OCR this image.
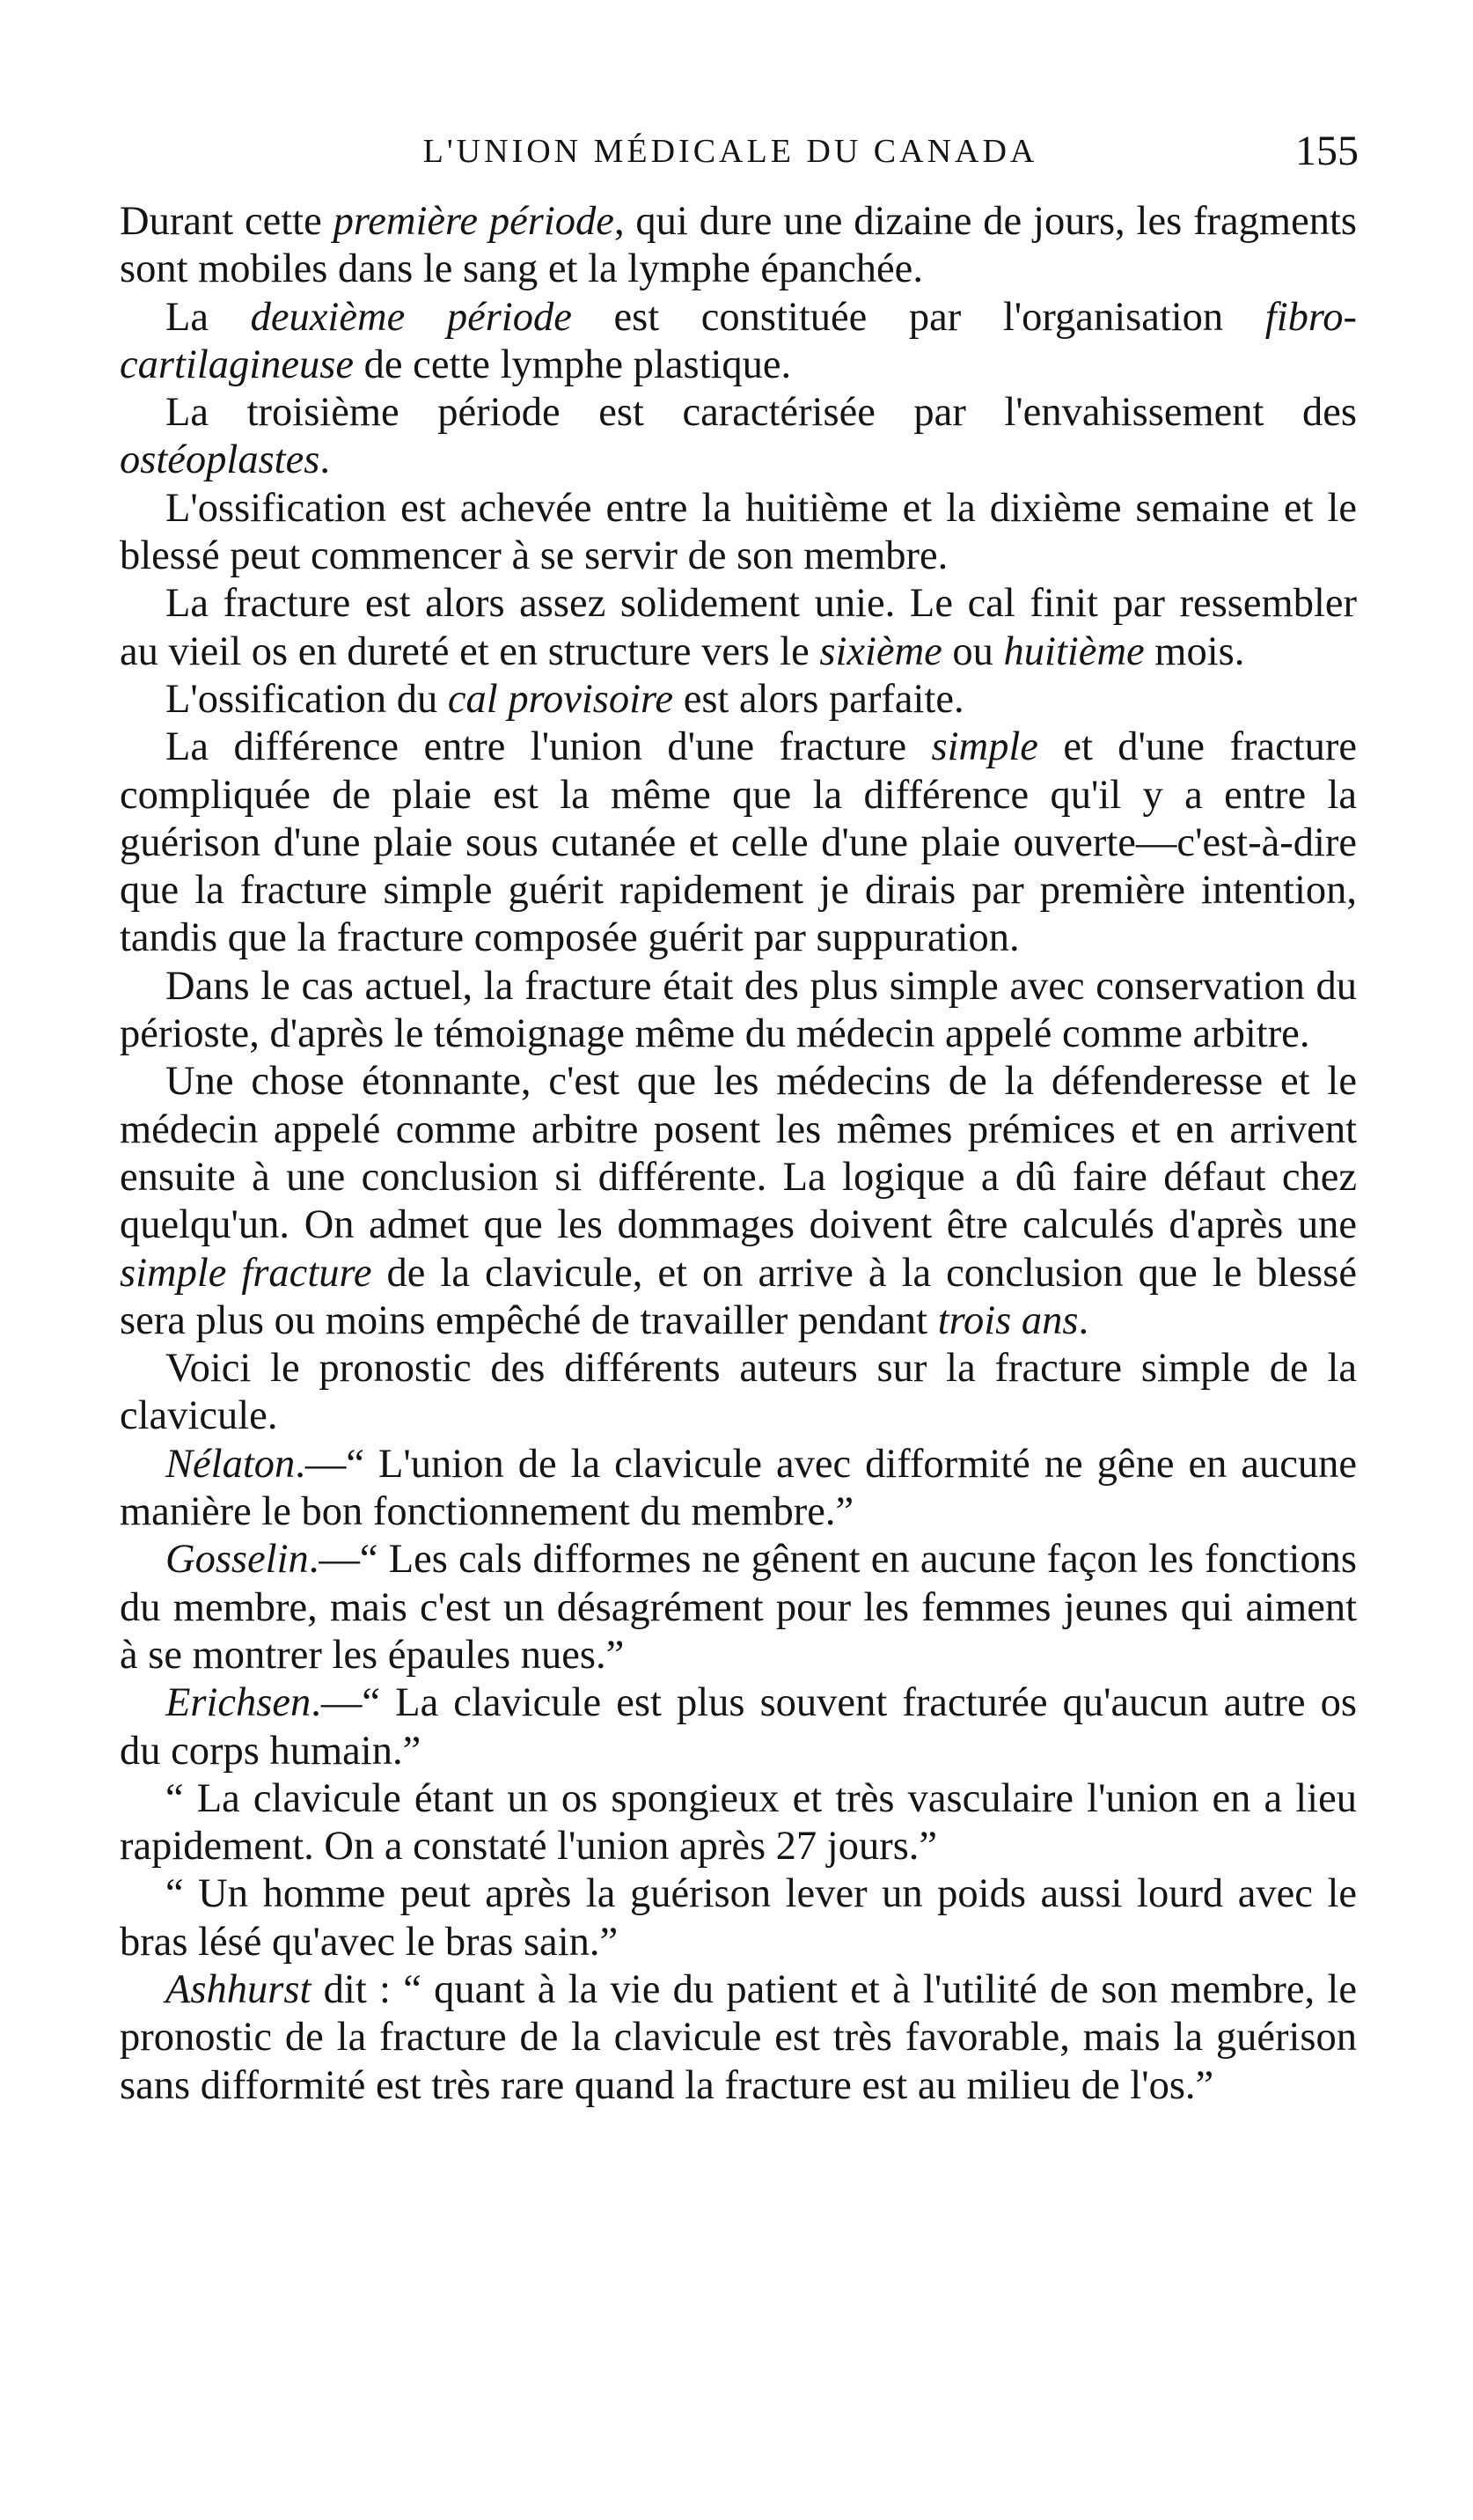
L'UNION MÉDICALE DU CANADA	155

Durant cette première période, qui dure une dizaine de jours, les fragments sont mobiles dans le sang et la lymphe épanchée.

La deuxième période est constituée par l'organisation fibro-cartilagineuse de cette lymphe plastique.

La troisième période est caractérisée par l'envahissement des ostéoplastes.

L'ossification est achevée entre la huitième et la dixième semaine et le blessé peut commencer à se servir de son membre.

La fracture est alors assez solidement unie. Le cal finit par ressembler au vieil os en dureté et en structure vers le sixième ou huitième mois.

L'ossification du cal provisoire est alors parfaite.

La différence entre l'union d'une fracture simple et d'une fracture compliquée de plaie est la même que la différence qu'il y a entre la guérison d'une plaie sous cutanée et celle d'une plaie ouverte—c'est-à-dire que la fracture simple guérit rapidement je dirais par première intention, tandis que la fracture composée guérit par suppuration.

Dans le cas actuel, la fracture était des plus simple avec conservation du périoste, d'après le témoignage même du médecin appelé comme arbitre.

Une chose étonnante, c'est que les médecins de la défenderesse et le médecin appelé comme arbitre posent les mêmes prémices et en arrivent ensuite à une conclusion si différente. La logique a dû faire défaut chez quelqu'un. On admet que les dommages doivent être calculés d'après une simple fracture de la clavicule, et on arrive à la conclusion que le blessé sera plus ou moins empêché de travailler pendant trois ans.

Voici le pronostic des différents auteurs sur la fracture simple de la clavicule.

Nélaton.—“ L'union de la clavicule avec difformité ne gêne en aucune manière le bon fonctionnement du membre.”

Gosselin.—“ Les cals difformes ne gênent en aucune façon les fonctions du membre, mais c'est un désagrément pour les femmes jeunes qui aiment à se montrer les épaules nues.”

Erichsen.—“ La clavicule est plus souvent fracturée qu'aucun autre os du corps humain.”

“ La clavicule étant un os spongieux et très vasculaire l'union en a lieu rapidement. On a constaté l'union après 27 jours.”

“ Un homme peut après la guérison lever un poids aussi lourd avec le bras lésé qu'avec le bras sain.”

Ashhurst dit : “ quant à la vie du patient et à l'utilité de son membre, le pronostic de la fracture de la clavicule est très favorable, mais la guérison sans difformité est très rare quand la fracture est au milieu de l'os.”
